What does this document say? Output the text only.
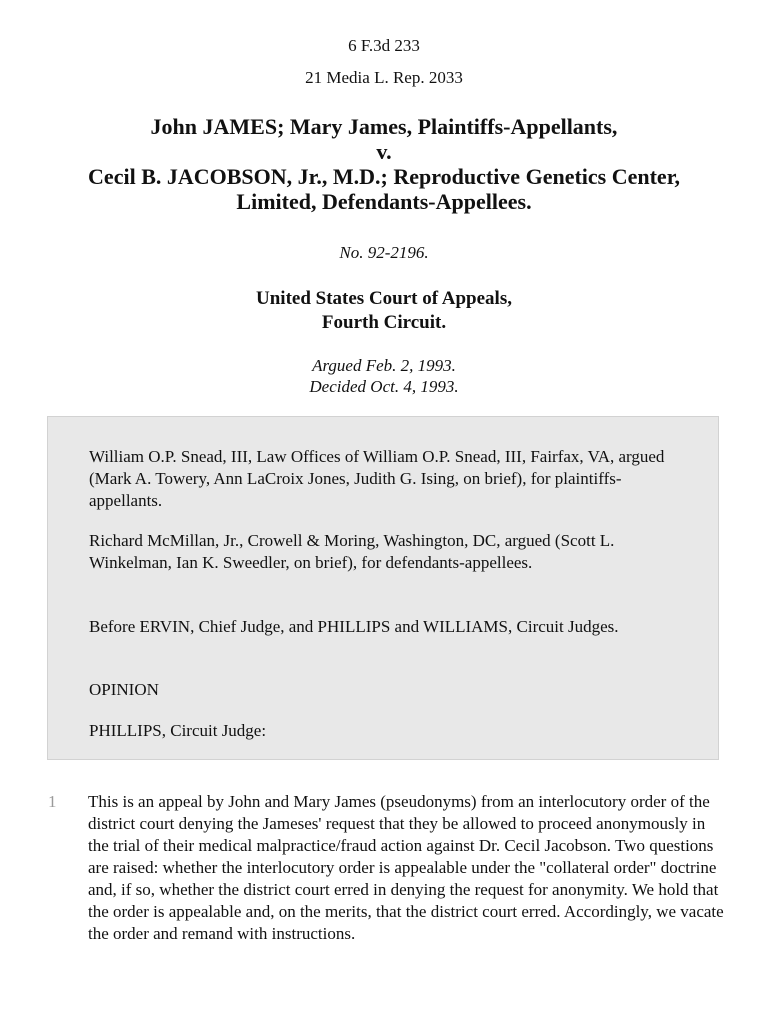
6 F.3d 233
21 Media L. Rep. 2033
John JAMES; Mary James, Plaintiffs-Appellants,
v.
Cecil B. JACOBSON, Jr., M.D.; Reproductive Genetics Center,
Limited, Defendants-Appellees.
No. 92-2196.
United States Court of Appeals,
Fourth Circuit.
Argued Feb. 2, 1993.
Decided Oct. 4, 1993.
William O.P. Snead, III, Law Offices of William O.P. Snead, III, Fairfax, VA, argued (Mark A. Towery, Ann LaCroix Jones, Judith G. Ising, on brief), for plaintiffs-appellants.
Richard McMillan, Jr., Crowell & Moring, Washington, DC, argued (Scott L. Winkelman, Ian K. Sweedler, on brief), for defendants-appellees.
Before ERVIN, Chief Judge, and PHILLIPS and WILLIAMS, Circuit Judges.
OPINION
PHILLIPS, Circuit Judge:
1 This is an appeal by John and Mary James (pseudonyms) from an interlocutory order of the district court denying the Jameses' request that they be allowed to proceed anonymously in the trial of their medical malpractice/fraud action against Dr. Cecil Jacobson. Two questions are raised: whether the interlocutory order is appealable under the "collateral order" doctrine and, if so, whether the district court erred in denying the request for anonymity. We hold that the order is appealable and, on the merits, that the district court erred. Accordingly, we vacate the order and remand with instructions.
